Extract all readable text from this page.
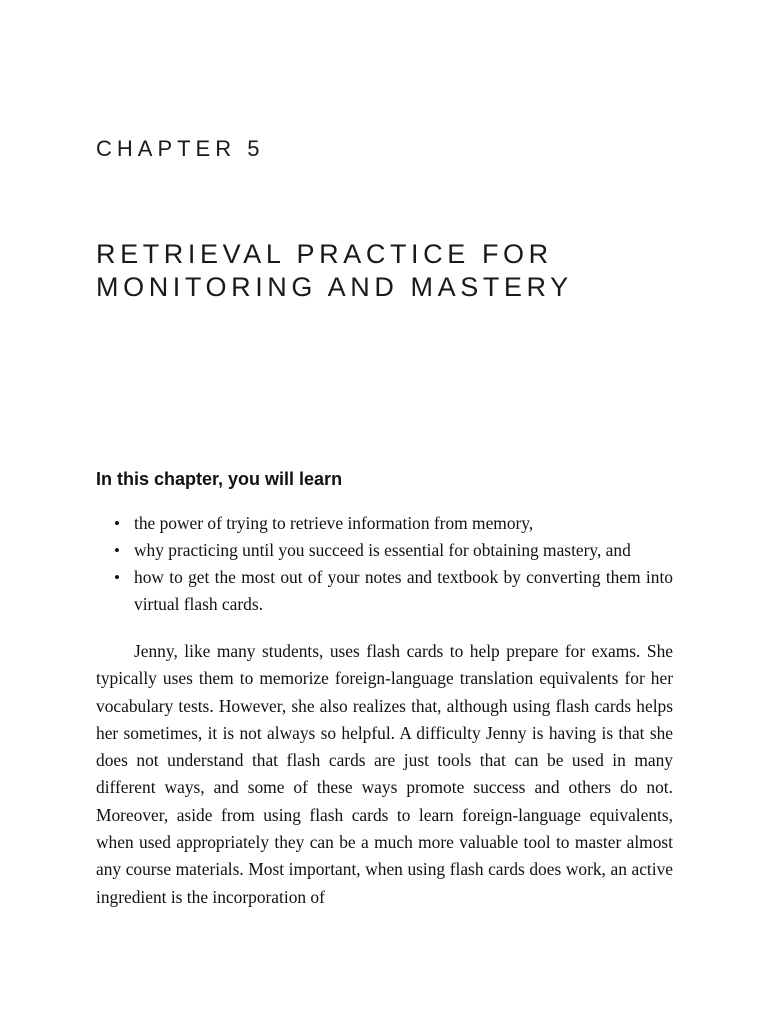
CHAPTER 5
RETRIEVAL PRACTICE FOR
MONITORING AND MASTERY
In this chapter, you will learn
• the power of trying to retrieve information from memory,
• why practicing until you succeed is essential for obtaining mastery, and
• how to get the most out of your notes and textbook by converting them into virtual flash cards.

Jenny, like many students, uses flash cards to help prepare for exams. She typically uses them to memorize foreign-language translation equivalents for her vocabulary tests. However, she also realizes that, although using flash cards helps her sometimes, it is not always so helpful. A difficulty Jenny is having is that she does not understand that flash cards are just tools that can be used in many different ways, and some of these ways promote success and others do not. Moreover, aside from using flash cards to learn foreign-language equivalents, when used appropriately they can be a much more valuable tool to master almost any course materials. Most important, when using flash cards does work, an active ingredient is the incorporation of
